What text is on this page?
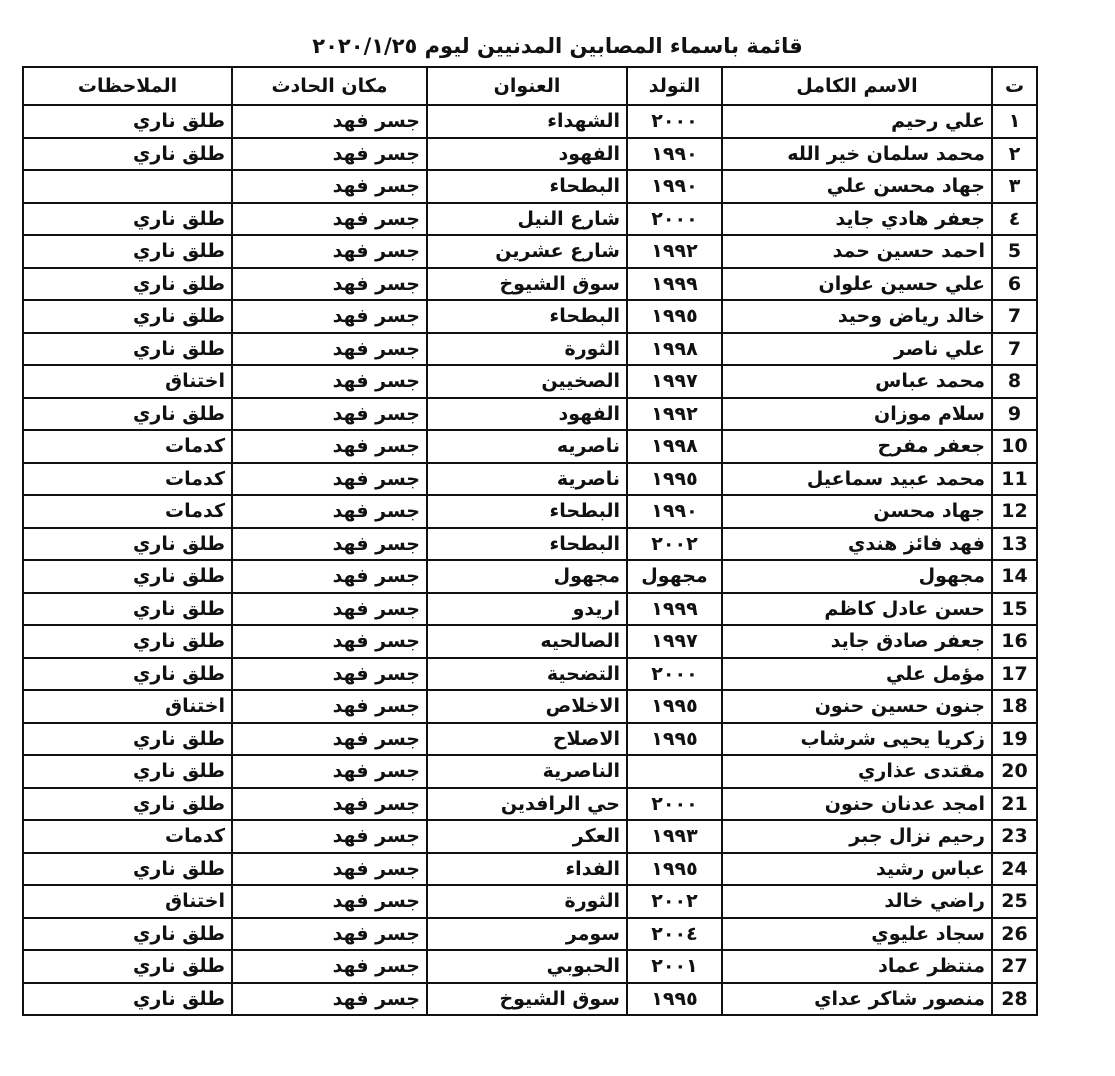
قائمة باسماء المصابين المدنيين ليوم ٢٠٢٠/١/٢٥
ت	الاسم الكامل	التولد	العنوان	مكان الحادث	الملاحظات
١	علي رحيم	٢٠٠٠	الشهداء	جسر فهد	طلق ناري
٢	محمد سلمان خير الله	١٩٩٠	الفهود	جسر فهد	طلق ناري
٣	جهاد محسن علي	١٩٩٠	البطحاء	جسر فهد	
٤	جعفر هادي جايد	٢٠٠٠	شارع النيل	جسر فهد	طلق ناري
5	احمد حسين حمد	١٩٩٢	شارع عشرين	جسر فهد	طلق ناري
6	علي حسين علوان	١٩٩٩	سوق الشيوخ	جسر فهد	طلق ناري
7	خالد رياض وحيد	١٩٩٥	البطحاء	جسر فهد	طلق ناري
7	علي ناصر	١٩٩٨	الثورة	جسر فهد	طلق ناري
8	محمد عباس	١٩٩٧	الصخيين	جسر فهد	اختناق
9	سلام موزان	١٩٩٢	الفهود	جسر فهد	طلق ناري
10	جعفر مفرح	١٩٩٨	ناصريه	جسر فهد	كدمات
11	محمد عبيد سماعيل	١٩٩٥	ناصرية	جسر فهد	كدمات
12	جهاد محسن	١٩٩٠	البطحاء	جسر فهد	كدمات
13	فهد فائز هندي	٢٠٠٢	البطحاء	جسر فهد	طلق ناري
14	مجهول	مجهول	مجهول	جسر فهد	طلق ناري
15	حسن عادل كاظم	١٩٩٩	اريدو	جسر فهد	طلق ناري
16	جعفر صادق جايد	١٩٩٧	الصالحيه	جسر فهد	طلق ناري
17	مؤمل علي	٢٠٠٠	التضحية	جسر فهد	طلق ناري
18	جنون حسين حنون	١٩٩٥	الاخلاص	جسر فهد	اختناق
19	زكريا يحيى شرشاب	١٩٩٥	الاصلاح	جسر فهد	طلق ناري
20	مقتدى عذاري		الناصرية	جسر فهد	طلق ناري
21	امجد عدنان حنون	٢٠٠٠	حي الرافدين	جسر فهد	طلق ناري
23	رحيم نزال جبر	١٩٩٣	العكر	جسر فهد	كدمات
24	عباس رشيد	١٩٩٥	الفداء	جسر فهد	طلق ناري
25	راضي خالد	٢٠٠٢	الثورة	جسر فهد	اختناق
26	سجاد عليوي	٢٠٠٤	سومر	جسر فهد	طلق ناري
27	منتظر عماد	٢٠٠١	الحبوبي	جسر فهد	طلق ناري
28	منصور شاكر عداي	١٩٩٥	سوق الشيوخ	جسر فهد	طلق ناري
